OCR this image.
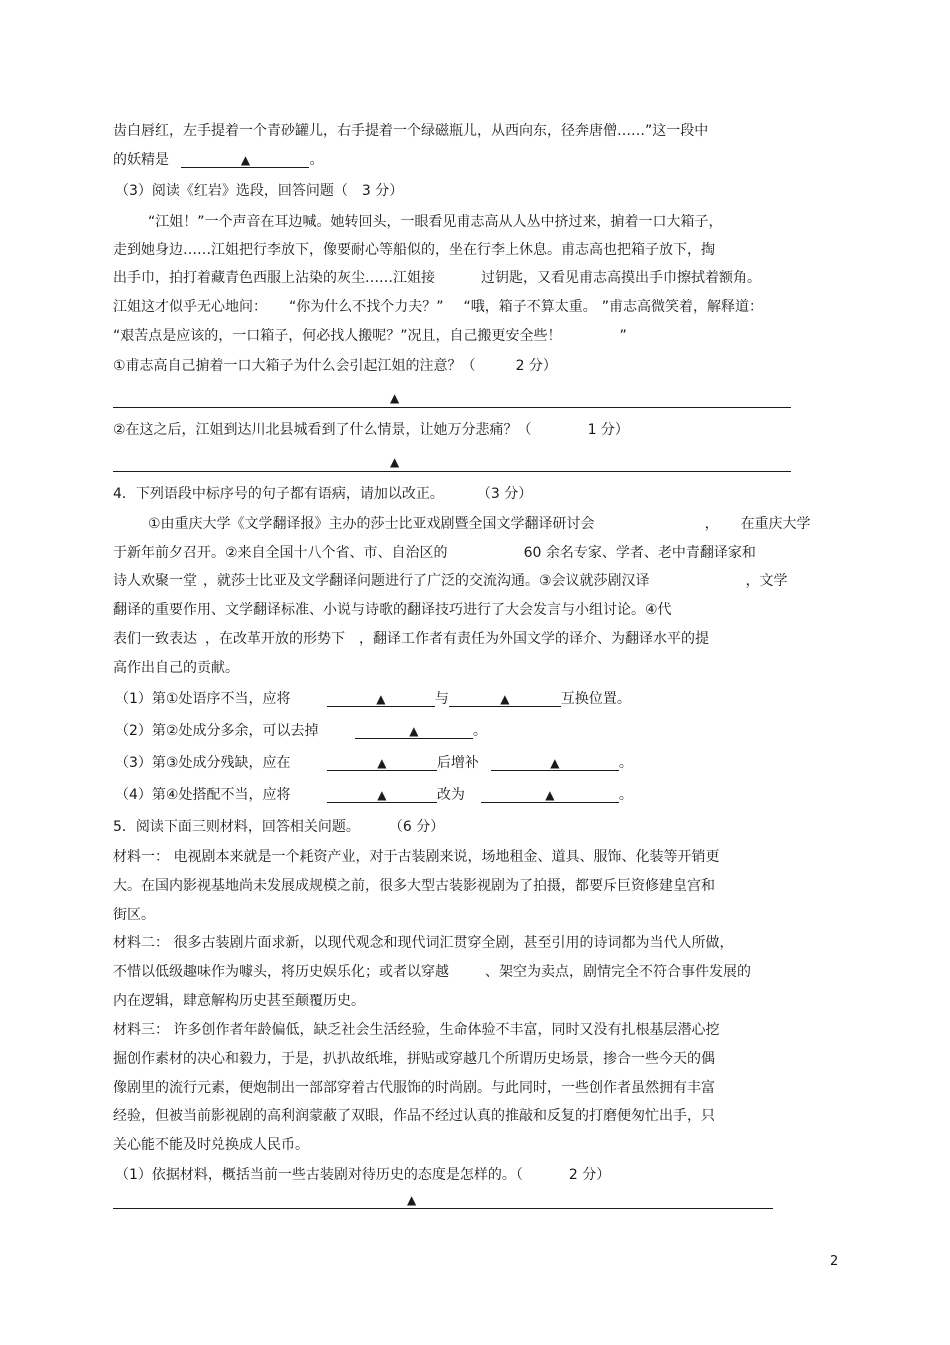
齿白唇红，左手提着一个青砂罐儿，右手提着一个绿磁瓶儿，从西向东，径奔唐僧……”这一段中
的妖精是	▲	。
（3）阅读《红岩》选段，回答问题（ 3 分）
“江姐！”一个声音在耳边喊。她转回头，一眼看见甫志高从人丛中挤过来，掮着一口大箱子，
走到她身边……江姐把行李放下，像要耐心等船似的，坐在行李上休息。甫志高也把箱子放下，掏
出手巾，拍打着藏青色西服上沾染的灰尘……江姐接	过钥匙，又看见甫志高摸出手巾擦拭着额角。
江姐这才似乎无心地问： “你为什么不找个力夫？” “哦，箱子不算太重。 ”甫志高微笑着，解释道：
“艰苦点是应该的，一口箱子，何必找人搬呢？”况且，自己搬更安全些！	”
①甫志高自己掮着一口大箱子为什么会引起江姐的注意？（	2 分）
▲
②在这之后，江姐到达川北县城看到了什么情景，让她万分悲痛？（	1 分）
▲
4．下列语段中标序号的句子都有语病，请加以改正。	（3 分）
①由重庆大学《文学翻译报》主办的莎士比亚戏剧暨全国文学翻译研讨会	， 在重庆大学
于新年前夕召开。②来自全国十八个省、市、自治区的	60 余名专家、学者、老中青翻译家和
诗人欢聚一堂 ，就莎士比亚及文学翻译问题进行了广泛的交流沟通。③会议就莎剧汉译	，文学
翻译的重要作用、文学翻译标准、小说与诗歌的翻译技巧进行了大会发言与小组讨论。④代
表们一致表达 ，在改革开放的形势下 ，翻译工作者有责任为外国文学的译介、为翻译水平的提
高作出自己的贡献。
（1）第①处语序不当，应将	▲	与	▲	互换位置。
（2）第②处成分多余，可以去掉	▲	。
（3）第③处成分残缺，应在	▲	后增补	▲	。
（4）第④处搭配不当，应将	▲	改为	▲	。
5．阅读下面三则材料，回答相关问题。	（6 分）
材料一： 电视剧本来就是一个耗资产业，对于古装剧来说，场地租金、道具、服饰、化装等开销更
大。在国内影视基地尚未发展成规模之前，很多大型古装影视剧为了拍摄，都要斥巨资修建皇宫和
街区。
材料二： 很多古装剧片面求新，以现代观念和现代词汇贯穿全剧，甚至引用的诗词都为当代人所做，
不惜以低级趣味作为噱头，将历史娱乐化；或者以穿越	、架空为卖点，剧情完全不符合事件发展的
内在逻辑，肆意解构历史甚至颠覆历史。
材料三： 许多创作者年龄偏低，缺乏社会生活经验，生命体验不丰富，同时又没有扎根基层潜心挖
掘创作素材的决心和毅力，于是，扒扒故纸堆，拼贴或穿越几个所谓历史场景，掺合一些今天的偶
像剧里的流行元素，便炮制出一部部穿着古代服饰的时尚剧。与此同时，一些创作者虽然拥有丰富
经验，但被当前影视剧的高利润蒙蔽了双眼，作品不经过认真的推敲和反复的打磨便匆忙出手，只
关心能不能及时兑换成人民币。
（1）依据材料，概括当前一些古装剧对待历史的态度是怎样的。（	2 分）
▲
2
